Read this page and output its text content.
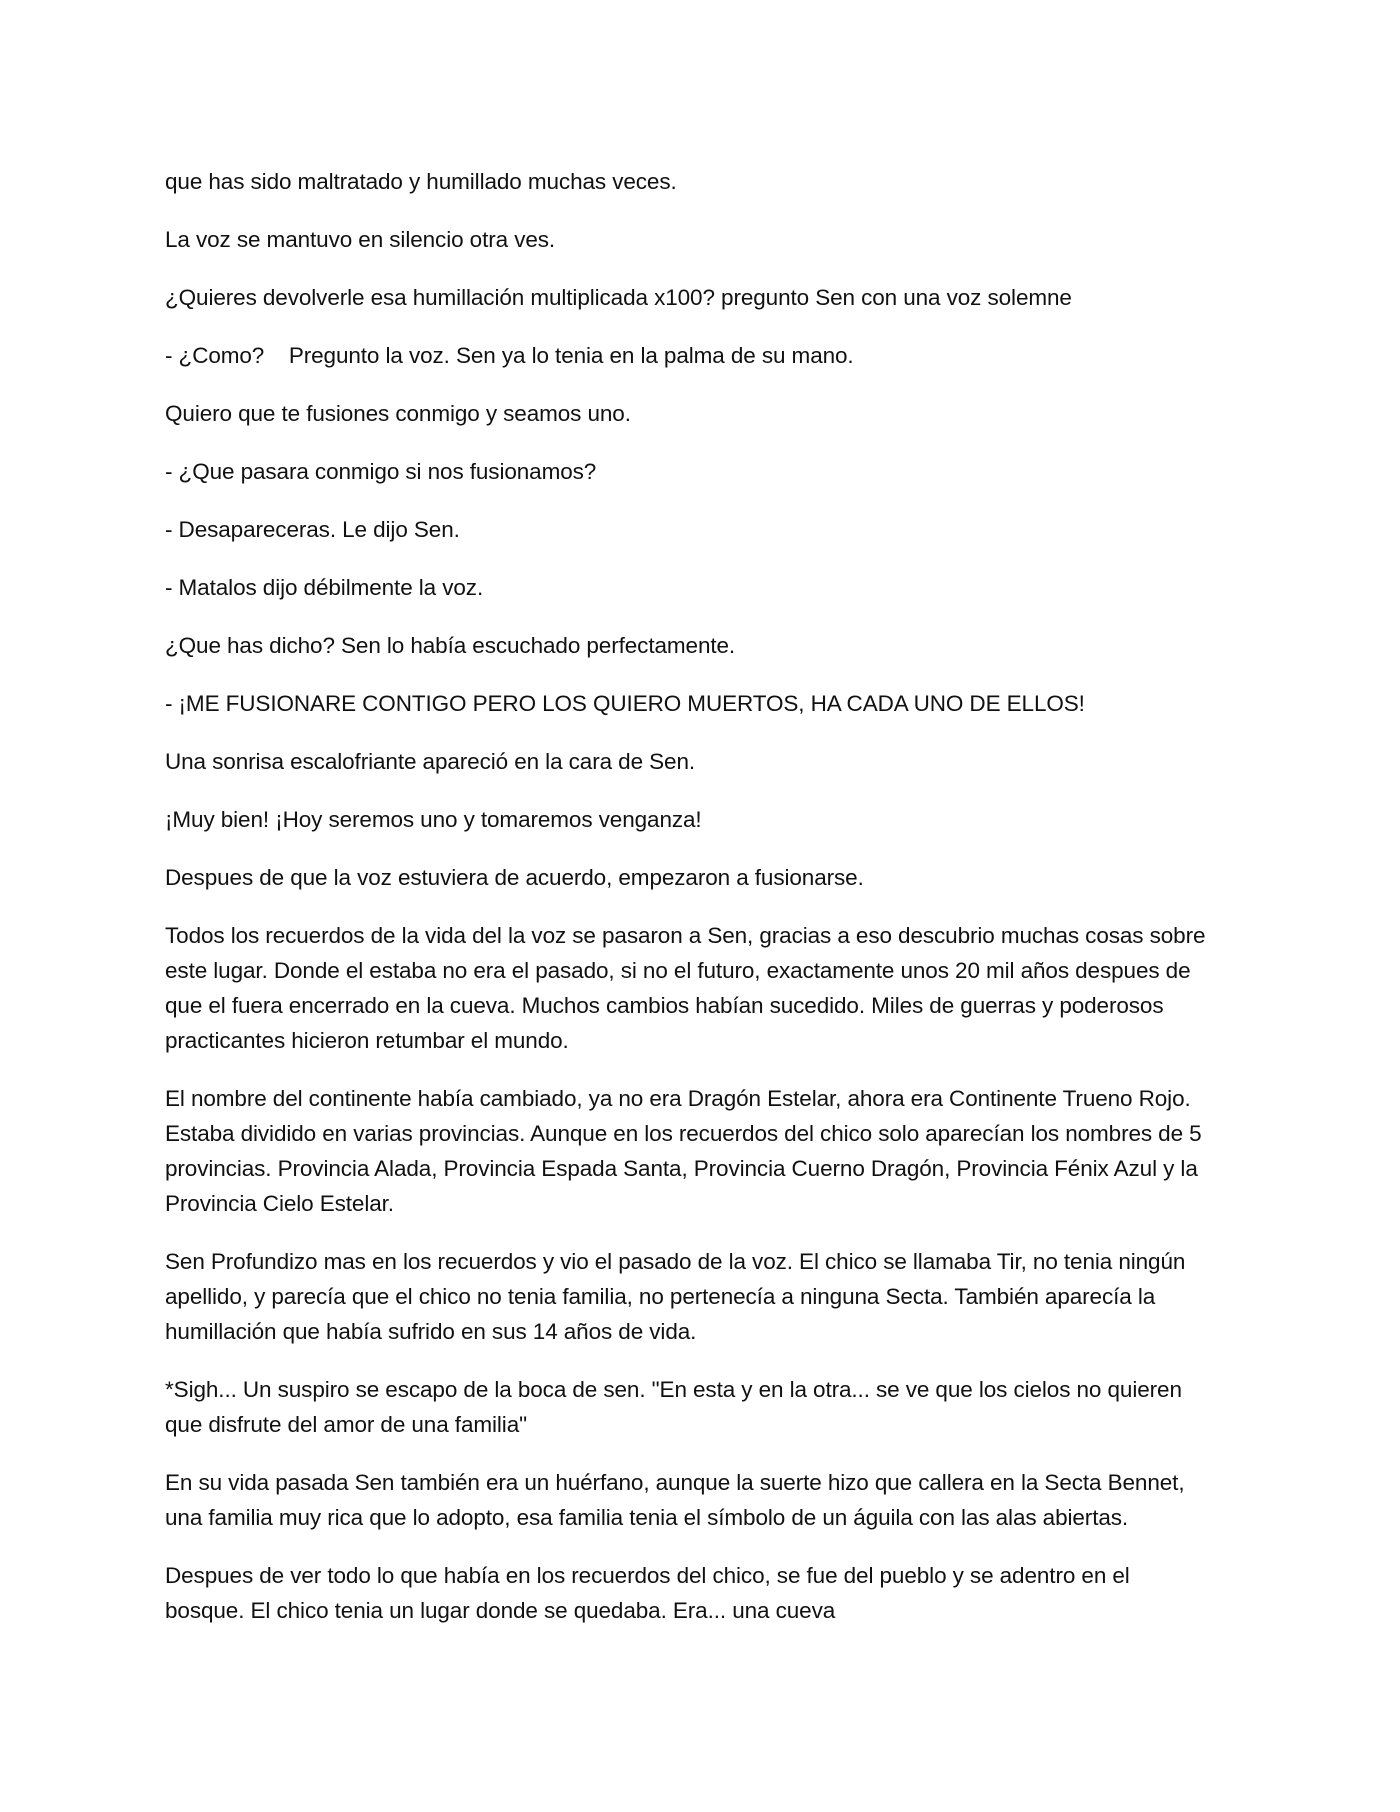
que has sido maltratado y humillado muchas veces.

La voz se mantuvo en silencio otra ves.

¿Quieres devolverle esa humillación multiplicada x100? pregunto Sen con una voz solemne

- ¿Como?    Pregunto la voz. Sen ya lo tenia en la palma de su mano.

Quiero que te fusiones conmigo y seamos uno.

- ¿Que pasara conmigo si nos fusionamos?

- Desapareceras. Le dijo Sen.

- Matalos dijo débilmente la voz.

¿Que has dicho? Sen lo había escuchado perfectamente.

- ¡ME FUSIONARE CONTIGO PERO LOS QUIERO MUERTOS, HA CADA UNO DE ELLOS!

Una sonrisa escalofriante apareció en la cara de Sen.

¡Muy bien! ¡Hoy seremos uno y tomaremos venganza!

Despues de que la voz estuviera de acuerdo, empezaron a fusionarse.

Todos los recuerdos de la vida del la voz se pasaron a Sen, gracias a eso descubrio muchas cosas sobre
este lugar. Donde el estaba no era el pasado, si no el futuro, exactamente unos 20 mil años despues de
que el fuera encerrado en la cueva. Muchos cambios habían sucedido. Miles de guerras y poderosos
practicantes hicieron retumbar el mundo.

El nombre del continente había cambiado, ya no era Dragón Estelar, ahora era Continente Trueno Rojo.
Estaba dividido en varias provincias. Aunque en los recuerdos del chico solo aparecían los nombres de 5
provincias. Provincia Alada, Provincia Espada Santa, Provincia Cuerno Dragón, Provincia Fénix Azul y la
Provincia Cielo Estelar.

Sen Profundizo mas en los recuerdos y vio el pasado de la voz. El chico se llamaba Tir, no tenia ningún
apellido, y parecía que el chico no tenia familia, no pertenecía a ninguna Secta. También aparecía la
humillación que había sufrido en sus 14 años de vida.

*Sigh... Un suspiro se escapo de la boca de sen. "En esta y en la otra... se ve que los cielos no quieren
que disfrute del amor de una familia"

En su vida pasada Sen también era un huérfano, aunque la suerte hizo que callera en la Secta Bennet,
una familia muy rica que lo adopto, esa familia tenia el símbolo de un águila con las alas abiertas.

Despues de ver todo lo que había en los recuerdos del chico, se fue del pueblo y se adentro en el
bosque. El chico tenia un lugar donde se quedaba. Era... una cueva
